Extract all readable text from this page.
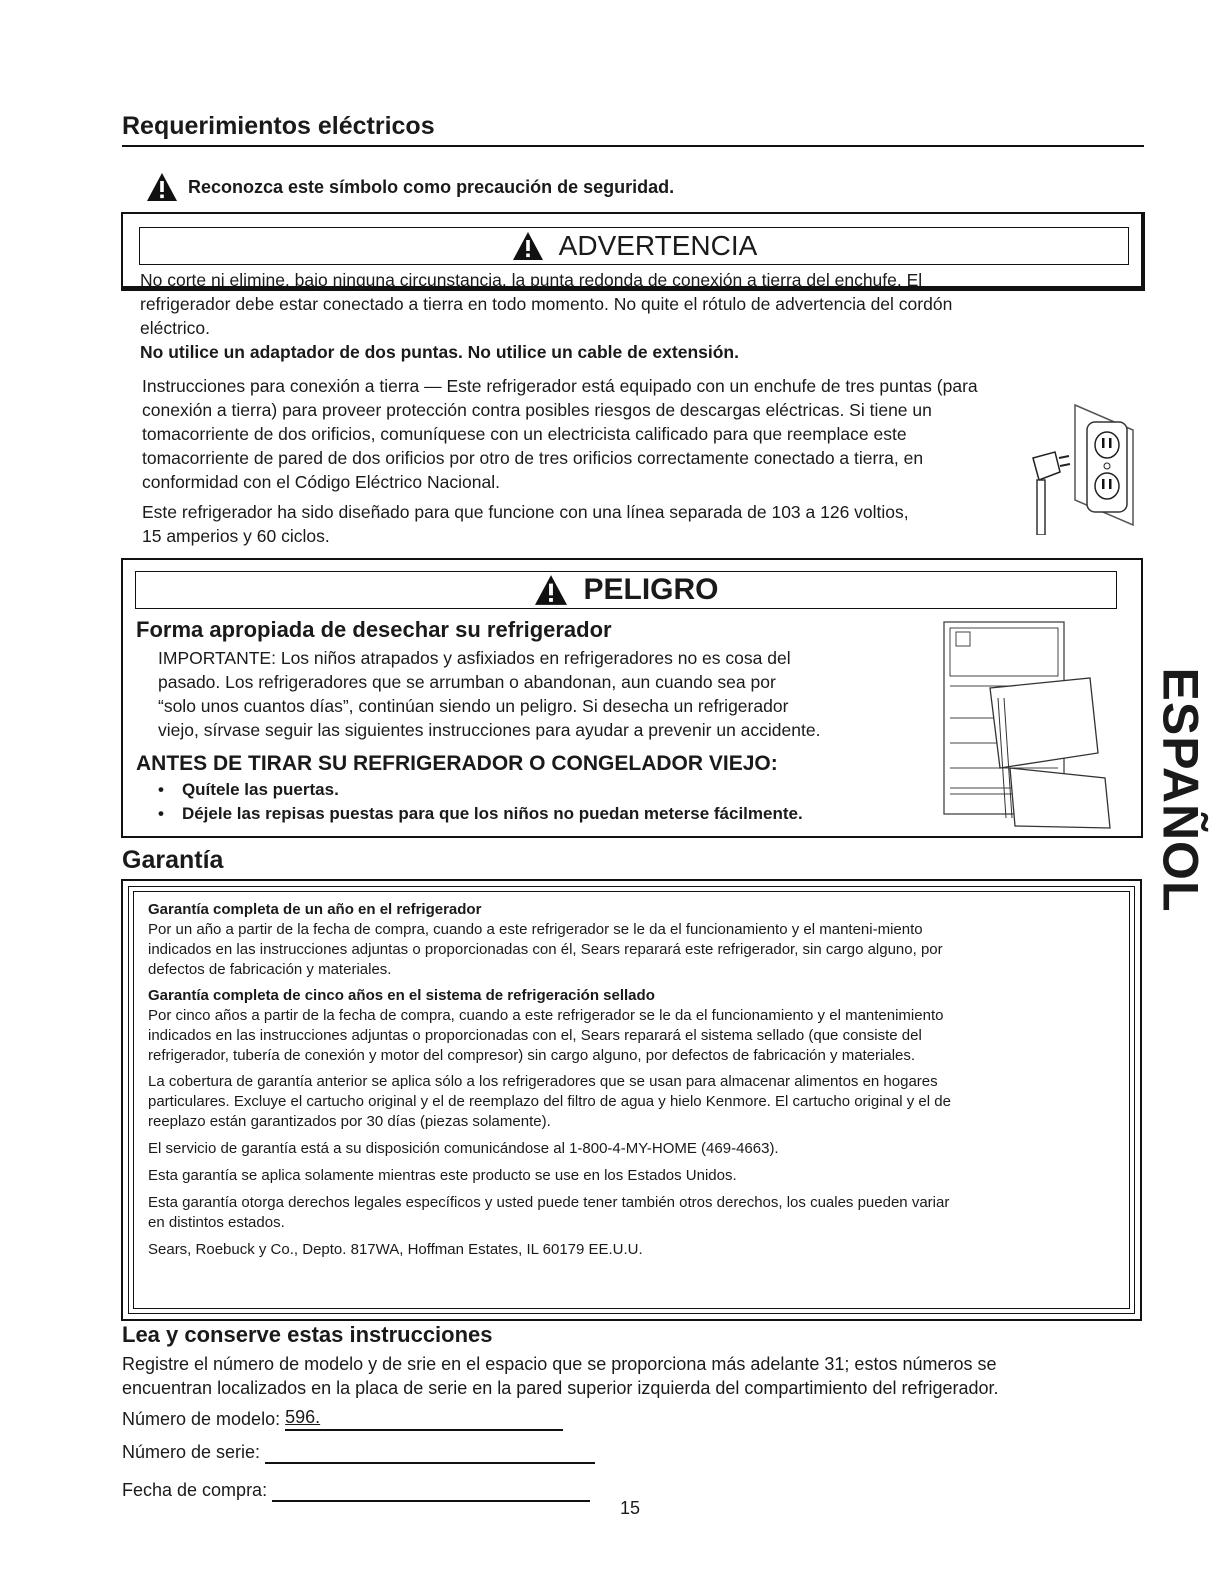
Requerimientos eléctricos
Reconozca este símbolo como precaución de seguridad.
ADVERTENCIA
No corte ni elimine, bajo ninguna circunstancia, la punta redonda de conexión a tierra del enchufe. El
refrigerador debe estar conectado a tierra en todo momento. No quite el rótulo de advertencia del cordón
eléctrico.
No utilice un adaptador de dos puntas. No utilice un cable de extensión.
Instrucciones para conexión a tierra — Este refrigerador está equipado con un enchufe de tres puntas (para
conexión a tierra) para proveer protección contra posibles riesgos de descargas eléctricas. Si tiene un
tomacorriente de dos orificios, comuníquese con un electricista calificado para que reemplace este
tomacorriente de pared de dos orificios por otro de tres orificios correctamente conectado a tierra, en
conformidad con el Código Eléctrico Nacional.
Este refrigerador ha sido diseñado para que funcione con una línea separada de 103 a 126 voltios,
15 amperios y 60 ciclos.
PELIGRO
Forma apropiada de desechar su refrigerador
IMPORTANTE: Los niños atrapados y asfixiados en refrigeradores no es cosa del
pasado. Los refrigeradores que se arrumban o abandonan, aun cuando sea por
“solo unos cuantos días”, continúan siendo un peligro. Si desecha un refrigerador
viejo, sírvase seguir las siguientes instrucciones para ayudar a prevenir un accidente.
ANTES DE TIRAR SU REFRIGERADOR O CONGELADOR VIEJO:
• Quítele las puertas.
• Déjele las repisas puestas para que los niños no puedan meterse fácilmente.	ESPAÑOL
Garantía
Garantía completa de un año en el refrigerador
Por un año a partir de la fecha de compra, cuando a este refrigerador se le da el funcionamiento y el manteni-miento
indicados en las instrucciones adjuntas o proporcionadas con él, Sears reparará este refrigerador, sin cargo alguno, por
defectos de fabricación y materiales.
Garantía completa de cinco años en el sistema de refrigeración sellado
Por cinco años a partir de la fecha de compra, cuando a este refrigerador se le da el funcionamiento y el mantenimiento
indicados en las instrucciones adjuntas o proporcionadas con el, Sears reparará el sistema sellado (que consiste del
refrigerador, tubería de conexión y motor del compresor) sin cargo alguno, por defectos de fabricación y materiales.
La cobertura de garantía anterior se aplica sólo a los refrigeradores que se usan para almacenar alimentos en hogares
particulares. Excluye el cartucho original y el de reemplazo del filtro de agua y hielo Kenmore. El cartucho original y el de
reeplazo están garantizados por 30 días (piezas solamente).
El servicio de garantía está a su disposición comunicándose al 1-800-4-MY-HOME (469-4663).
Esta garantía se aplica solamente mientras este producto se use en los Estados Unidos.
Esta garantía otorga derechos legales específicos y usted puede tener también otros derechos, los cuales pueden variar
en distintos estados.
Sears, Roebuck y Co., Depto. 817WA, Hoffman Estates, IL 60179 EE.U.U.
Lea y conserve estas instrucciones
Registre el número de modelo y de srie en el espacio que se proporciona más adelante 31; estos números se
encuentran localizados en la placa de serie en la pared superior izquierda del compartimiento del refrigerador.
Número de modelo: 596.
Número de serie:
Fecha de compra:
15
